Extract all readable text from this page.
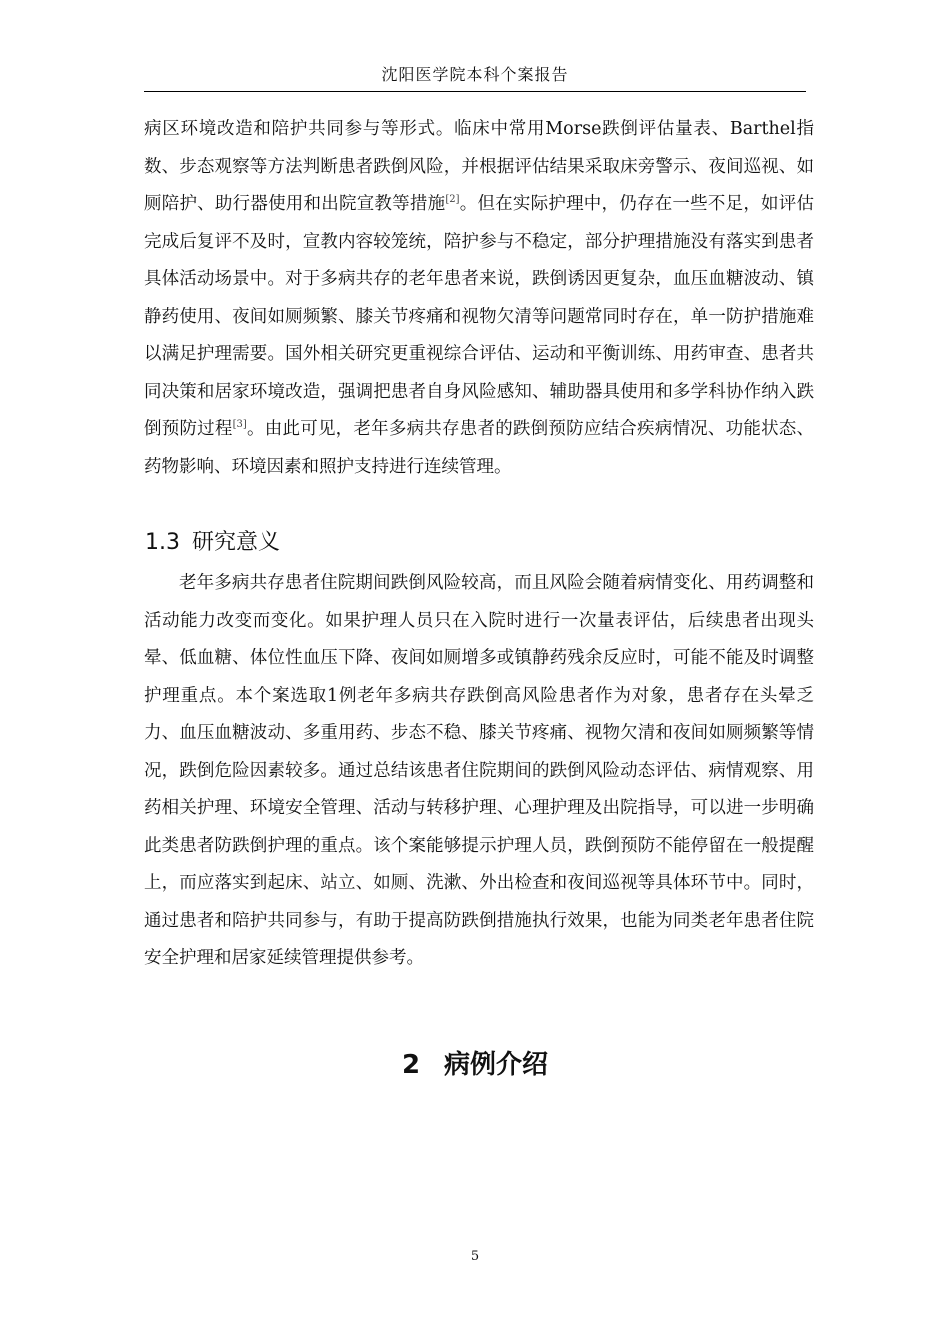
沈阳医学院本科个案报告

病区环境改造和陪护共同参与等形式。临床中常用Morse跌倒评估量表、Barthel指数、步态观察等方法判断患者跌倒风险，并根据评估结果采取床旁警示、夜间巡视、如厕陪护、助行器使用和出院宣教等措施[2]。但在实际护理中，仍存在一些不足，如评估完成后复评不及时，宣教内容较笼统，陪护参与不稳定，部分护理措施没有落实到患者具体活动场景中。对于多病共存的老年患者来说，跌倒诱因更复杂，血压血糖波动、镇静药使用、夜间如厕频繁、膝关节疼痛和视物欠清等问题常同时存在，单一防护措施难以满足护理需要。国外相关研究更重视综合评估、运动和平衡训练、用药审查、患者共同决策和居家环境改造，强调把患者自身风险感知、辅助器具使用和多学科协作纳入跌倒预防过程[3]。由此可见，老年多病共存患者的跌倒预防应结合疾病情况、功能状态、药物影响、环境因素和照护支持进行连续管理。

1.3 研究意义

老年多病共存患者住院期间跌倒风险较高，而且风险会随着病情变化、用药调整和活动能力改变而变化。如果护理人员只在入院时进行一次量表评估，后续患者出现头晕、低血糖、体位性血压下降、夜间如厕增多或镇静药残余反应时，可能不能及时调整护理重点。本个案选取1例老年多病共存跌倒高风险患者作为对象，患者存在头晕乏力、血压血糖波动、多重用药、步态不稳、膝关节疼痛、视物欠清和夜间如厕频繁等情况，跌倒危险因素较多。通过总结该患者住院期间的跌倒风险动态评估、病情观察、用药相关护理、环境安全管理、活动与转移护理、心理护理及出院指导，可以进一步明确此类患者防跌倒护理的重点。该个案能够提示护理人员，跌倒预防不能停留在一般提醒上，而应落实到起床、站立、如厕、洗漱、外出检查和夜间巡视等具体环节中。同时，通过患者和陪护共同参与，有助于提高防跌倒措施执行效果，也能为同类老年患者住院安全护理和居家延续管理提供参考。

2 病例介绍
5
